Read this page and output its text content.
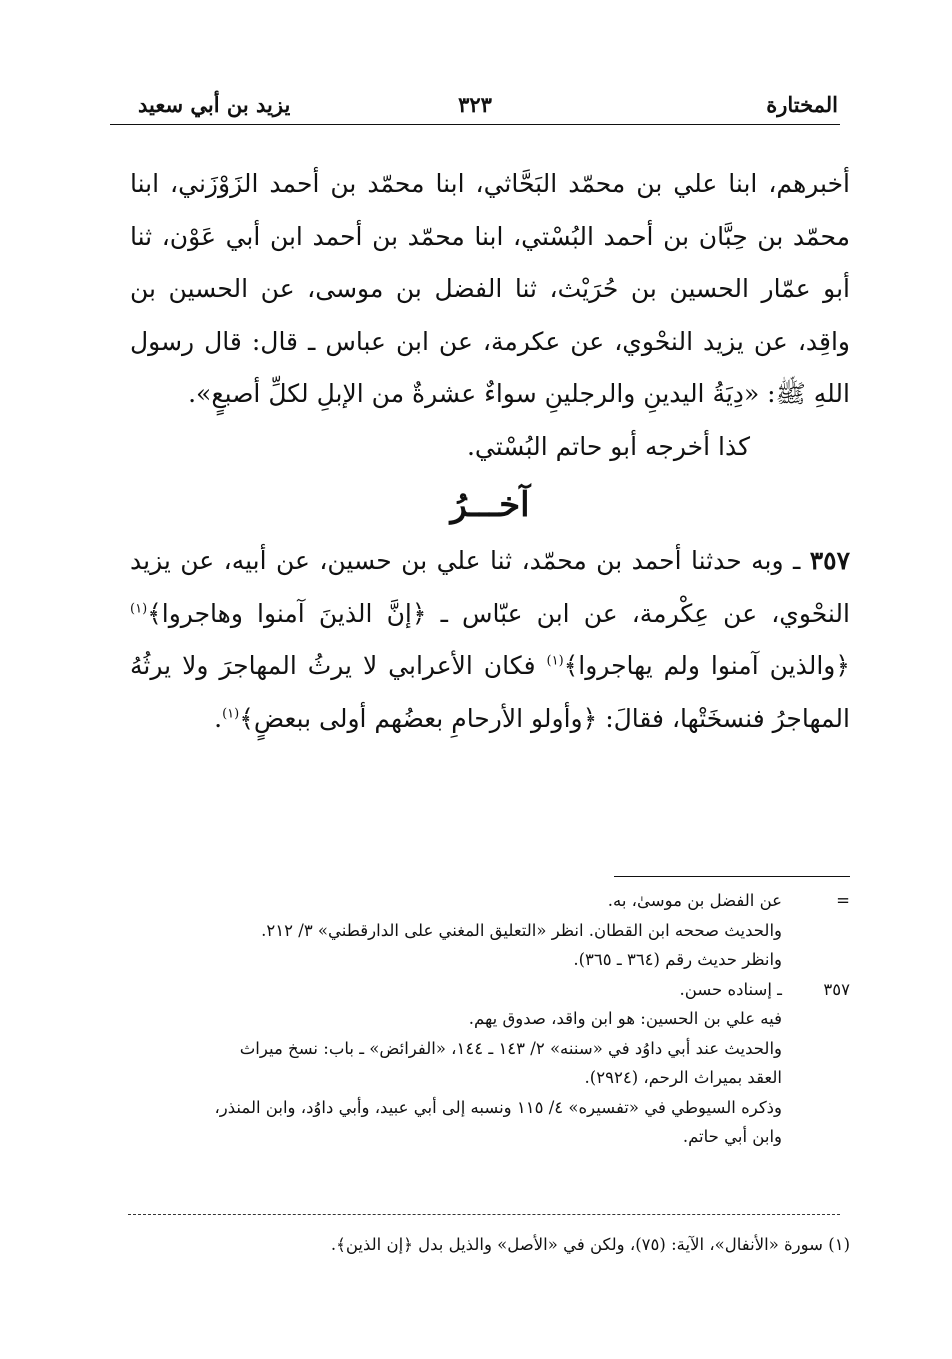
المختارة
٣٢٣
يزيد بن أبي سعيد

أخبرهم، ابنا علي بن محمّد البَحَّاثي، ابنا محمّد بن أحمد الزَوْزَني، ابنا محمّد بن حِبَّان بن أحمد البُسْتي، ابنا محمّد بن أحمد ابن أبي عَوْن، ثنا أبو عمّار الحسين بن حُرَيْث، ثنا الفضل بن موسى، عن الحسين بن واقِد، عن يزيد النحْوي، عن عكرمة، عن ابن عباس ـ قال: قال رسول اللهِ ﷺ: «دِيَةُ اليدينِ والرجلينِ سواءٌ عشرةٌ من الإبلِ لكلِّ أصبعٍ».

كذا أخرجه أبو حاتم البُسْتي.

آخـــرُ

٣٥٧ ـ وبه حدثنا أحمد بن محمّد، ثنا علي بن حسين، عن أبيه، عن يزيد النحْوي، عن عِكْرمة، عن ابن عبّاس ـ ﴿إنَّ الذينَ آمنوا وهاجروا﴾$^{(١)}$ ﴿والذين آمنوا ولم يهاجروا﴾$^{(١)}$ فكان الأعرابي لا يرثُ المهاجرَ ولا يرثُهُ المهاجرُ فنسخَتْها، فقالَ: ﴿وأولو الأرحامِ بعضُهم أولى ببعضٍ﴾$^{(١)}$.

=عن الفضل بن موسىٰ، به.
والحديث صححه ابن القطان. انظر «التعليق المغني على الدارقطني» ٣/ ٢١٢.
وانظر حديث رقم (٣٦٤ ـ ٣٦٥).
٣٥٧ـ إسناده حسن.
فيه علي بن الحسين: هو ابن واقد، صدوق يهم.
والحديث عند أبي داوُد في «سننه» ٢/ ١٤٣ ـ ١٤٤، «الفرائض» ـ باب: نسخ ميراث
العقد بميراث الرحم، (٢٩٢٤).
وذكره السيوطي في «تفسيره» ٤/ ١١٥ ونسبه إلى أبي عبيد، وأبي داوُد، وابن المنذر،
وابن أبي حاتم.
(١) سورة «الأنفال»، الآية: (٧٥)، ولكن في «الأصل» والذيل بدل ﴿إن الذين﴾.
